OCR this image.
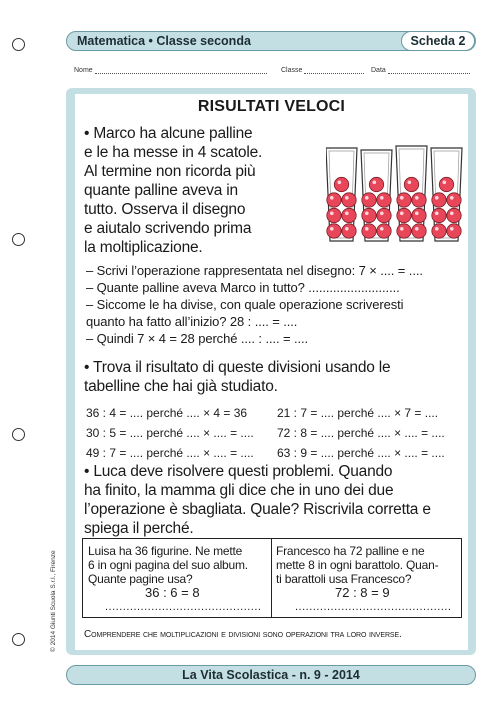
Matematica • Classe seconda	Scheda 2
Nome	Classe	Data
RISULTATI VELOCI
• Marco ha alcune palline
e le ha messe in 4 scatole.
Al termine non ricorda più
quante palline aveva in
tutto. Osserva il disegno
e aiutalo scrivendo prima
la moltiplicazione.
– Scrivi l’operazione rappresentata nel disegno: 7 × .... = ....
– Quante palline aveva Marco in tutto? ..........................
– Siccome le ha divise, con quale operazione scriveresti
quanto ha fatto all’inizio? 28 : .... = ....
– Quindi 7 × 4 = 28 perché .... : .... = ....
• Trova il risultato di queste divisioni usando le
tabelline che hai già studiato.
36 : 4 = .... perché .... × 4 = 36 21 : 7 = .... perché .... × 7 = ....
30 : 5 = .... perché .... × .... = .... 72 : 8 = .... perché .... × .... = ....
49 : 7 = .... perché .... × .... = .... 63 : 9 = .... perché .... × .... = ....
• Luca deve risolvere questi problemi. Quando
ha finito, la mamma gli dice che in uno dei due
l’operazione è sbagliata. Quale? Riscrivila corretta e
spiega il perché.
Luisa ha 36 figurine. Ne mette
6 in ogni pagina del suo album.
Quante pagine usa?
36 : 6 = 8
............................................
Francesco ha 72 palline e ne
mette 8 in ogni barattolo. Quan-
ti barattoli usa Francesco?
72 : 8 = 9
............................................
Comprendere che moltiplicazioni e divisioni sono operazioni tra loro inverse.
© 2014 Giunti Scuola S.r.l., Firenze
La Vita Scolastica - n. 9 - 2014
